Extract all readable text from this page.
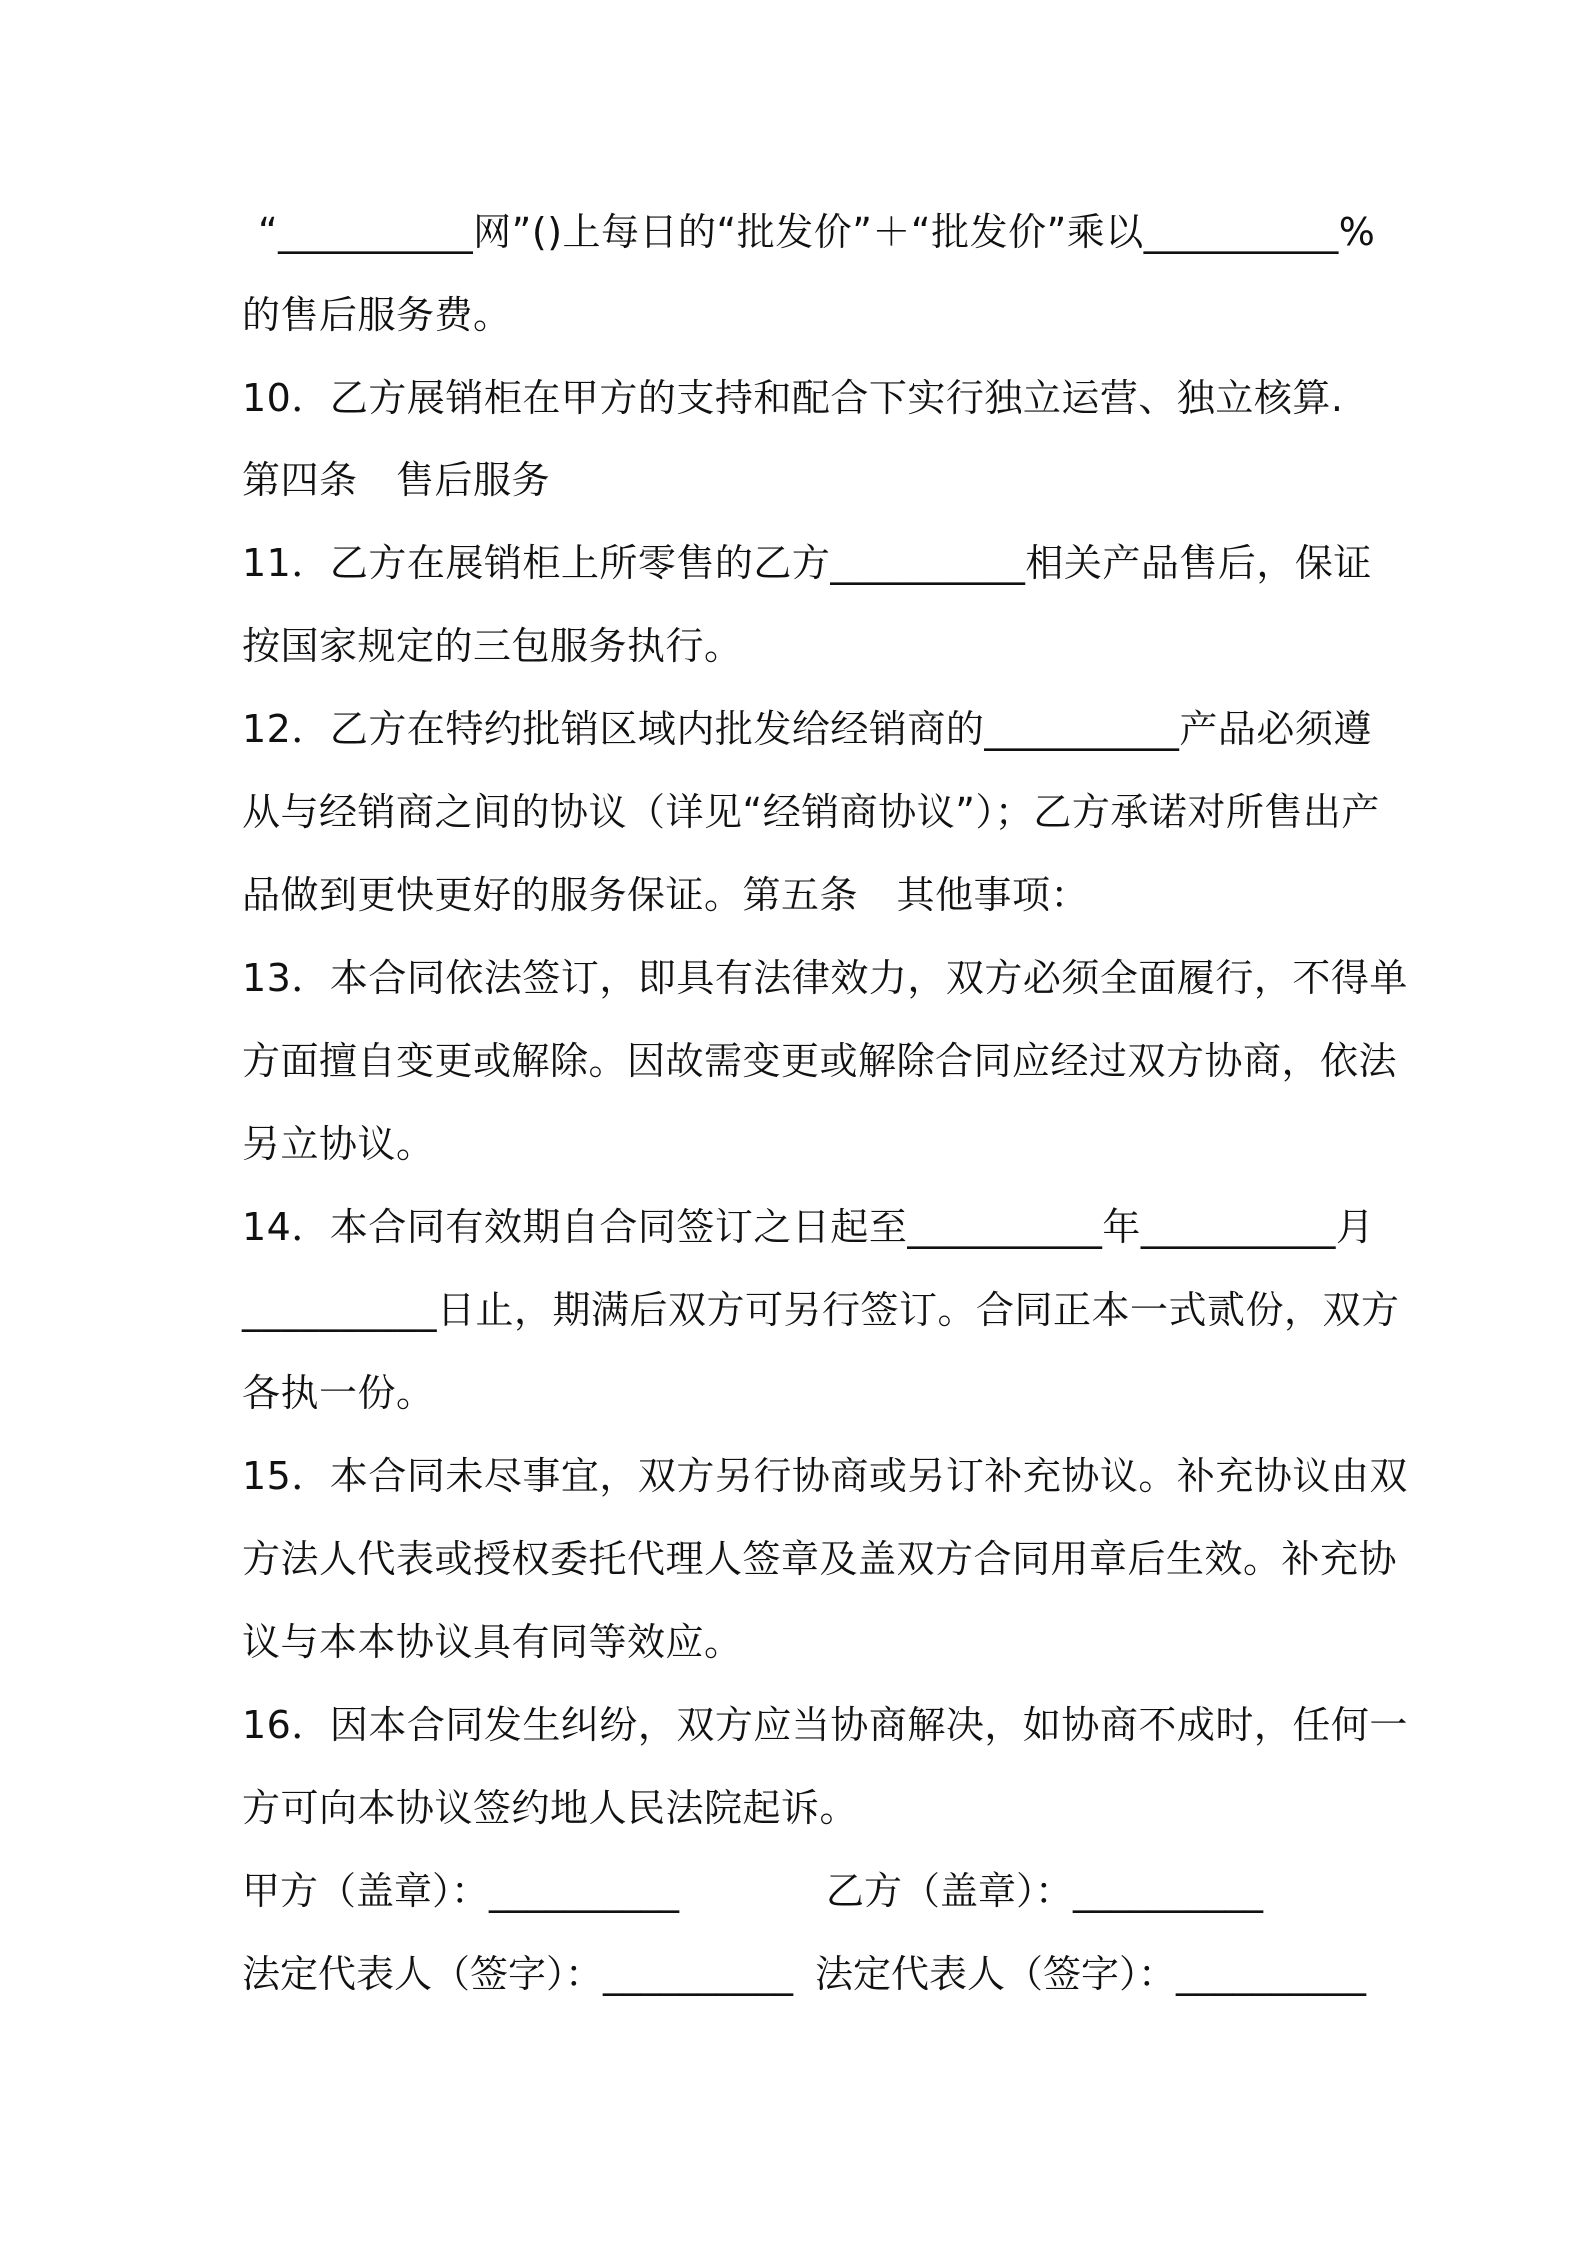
“__________网”()上每日的“批发价”＋“批发价”乘以__________%
的售后服务费。
10．乙方展销柜在甲方的支持和配合下实行独立运营、独立核算.
第四条　售后服务
11．乙方在展销柜上所零售的乙方__________相关产品售后，保证
按国家规定的三包服务执行。
12．乙方在特约批销区域内批发给经销商的__________产品必须遵
从与经销商之间的协议（详见“经销商协议”）；乙方承诺对所售出产
品做到更快更好的服务保证。第五条　其他事项：
13．本合同依法签订，即具有法律效力，双方必须全面履行，不得单
方面擅自变更或解除。因故需变更或解除合同应经过双方协商，依法
另立协议。
14．本合同有效期自合同签订之日起至__________年__________月
__________日止，期满后双方可另行签订。合同正本一式贰份，双方
各执一份。
15．本合同未尽事宜，双方另行协商或另订补充协议。补充协议由双
方法人代表或授权委托代理人签章及盖双方合同用章后生效。补充协
议与本本协议具有同等效应。
16．因本合同发生纠纷，双方应当协商解决，如协商不成时，任何一
方可向本协议签约地人民法院起诉。
甲方（盖章）：__________	乙方（盖章）：__________
法定代表人（签字）：__________ 法定代表人（签字）：__________
